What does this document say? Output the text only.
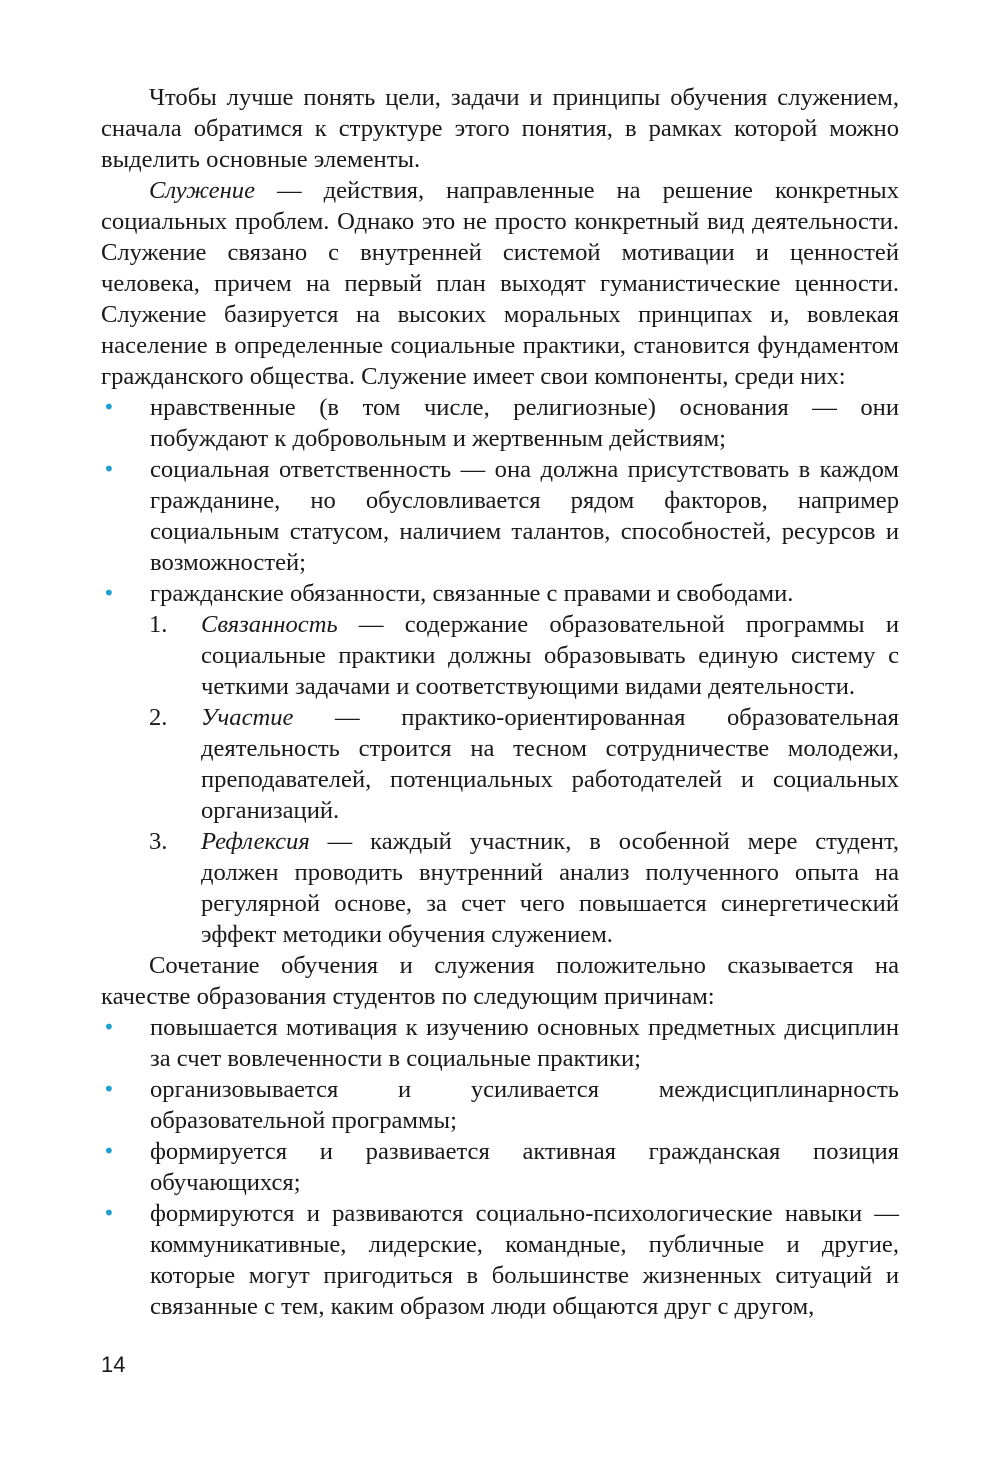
Чтобы лучше понять цели, задачи и принципы обучения служением, сначала обратимся к структуре этого понятия, в рамках которой можно выделить основные элементы.

Служение — действия, направленные на решение конкретных социальных проблем. Однако это не просто конкретный вид деятельности. Служение связано с внутренней системой мотивации и ценностей человека, причем на первый план выходят гуманистические ценности. Служение базируется на высоких моральных принципах и, вовлекая население в определенные социальные практики, становится фундаментом гражданского общества. Служение имеет свои компоненты, среди них:

• нравственные (в том числе, религиозные) основания — они побуждают к добровольным и жертвенным действиям;
• социальная ответственность — она должна присутствовать в каждом гражданине, но обусловливается рядом факторов, например социальным статусом, наличием талантов, способностей, ресурсов и возможностей;
• гражданские обязанности, связанные с правами и свободами.
1. Связанность — содержание образовательной программы и социальные практики должны образовывать единую систему с четкими задачами и соответствующими видами деятельности.
2. Участие — практико-ориентированная образовательная деятельность строится на тесном сотрудничестве молодежи, преподавателей, потенциальных работодателей и социальных организаций.
3. Рефлексия — каждый участник, в особенной мере студент, должен проводить внутренний анализ полученного опыта на регулярной основе, за счет чего повышается синергетический эффект методики обучения служением.

Сочетание обучения и служения положительно сказывается на качестве образования студентов по следующим причинам:

• повышается мотивация к изучению основных предметных дисциплин за счет вовлеченности в социальные практики;
• организовывается и усиливается междисциплинарность образовательной программы;
• формируется и развивается активная гражданская позиция обучающихся;
• формируются и развиваются социально-психологические навыки — коммуникативные, лидерские, командные, публичные и другие, которые могут пригодиться в большинстве жизненных ситуаций и связанные с тем, каким образом люди общаются друг с другом,
14
